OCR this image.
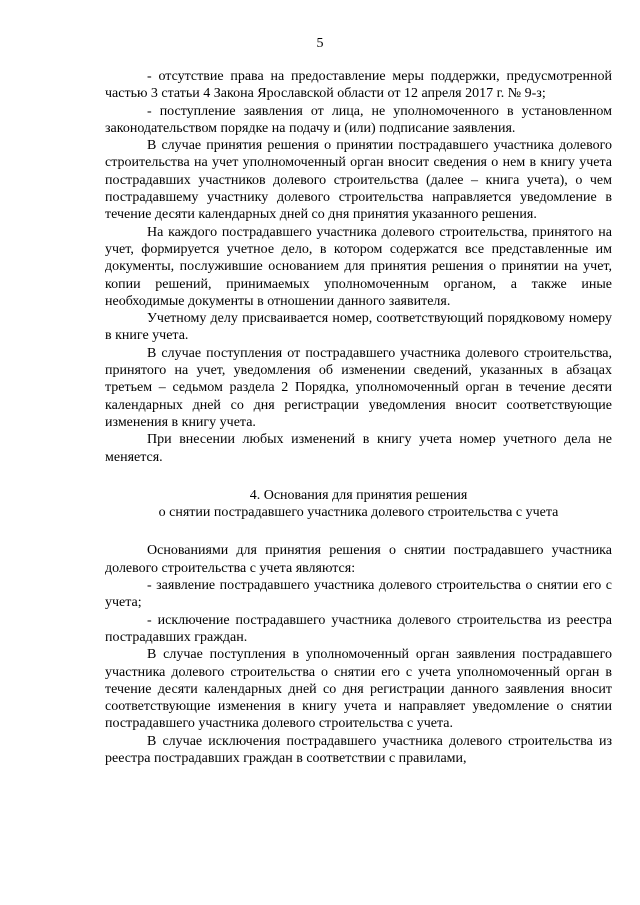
5

- отсутствие права на предоставление меры поддержки, предусмотренной частью 3 статьи 4 Закона Ярославской области от 12 апреля 2017 г. № 9-з;

- поступление заявления от лица, не уполномоченного в установленном законодательством порядке на подачу и (или) подписание заявления.

В случае принятия решения о принятии пострадавшего участника долевого строительства на учет уполномоченный орган вносит сведения о нем в книгу учета пострадавших участников долевого строительства (далее – книга учета), о чем пострадавшему участнику долевого строительства направляется уведомление в течение десяти календарных дней со дня принятия указанного решения.

На каждого пострадавшего участника долевого строительства, принятого на учет, формируется учетное дело, в котором содержатся все представленные им документы, послужившие основанием для принятия решения о принятии на учет, копии решений, принимаемых уполномоченным органом, а также иные необходимые документы в отношении данного заявителя.

Учетному делу присваивается номер, соответствующий порядковому номеру в книге учета.

В случае поступления от пострадавшего участника долевого строительства, принятого на учет, уведомления об изменении сведений, указанных в абзацах третьем – седьмом раздела 2 Порядка, уполномоченный орган в течение десяти календарных дней со дня регистрации уведомления вносит соответствующие изменения в книгу учета.

При внесении любых изменений в книгу учета номер учетного дела не меняется.

4. Основания для принятия решения

о снятии пострадавшего участника долевого строительства с учета

Основаниями для принятия решения о снятии пострадавшего участника долевого строительства с учета являются:

- заявление пострадавшего участника долевого строительства о снятии его с учета;

- исключение пострадавшего участника долевого строительства из реестра пострадавших граждан.

В случае поступления в уполномоченный орган заявления пострадавшего участника долевого строительства о снятии его с учета уполномоченный орган в течение десяти календарных дней со дня регистрации данного заявления вносит соответствующие изменения в книгу учета и направляет уведомление о снятии пострадавшего участника долевого строительства с учета.

В случае исключения пострадавшего участника долевого строительства из реестра пострадавших граждан в соответствии с правилами,
